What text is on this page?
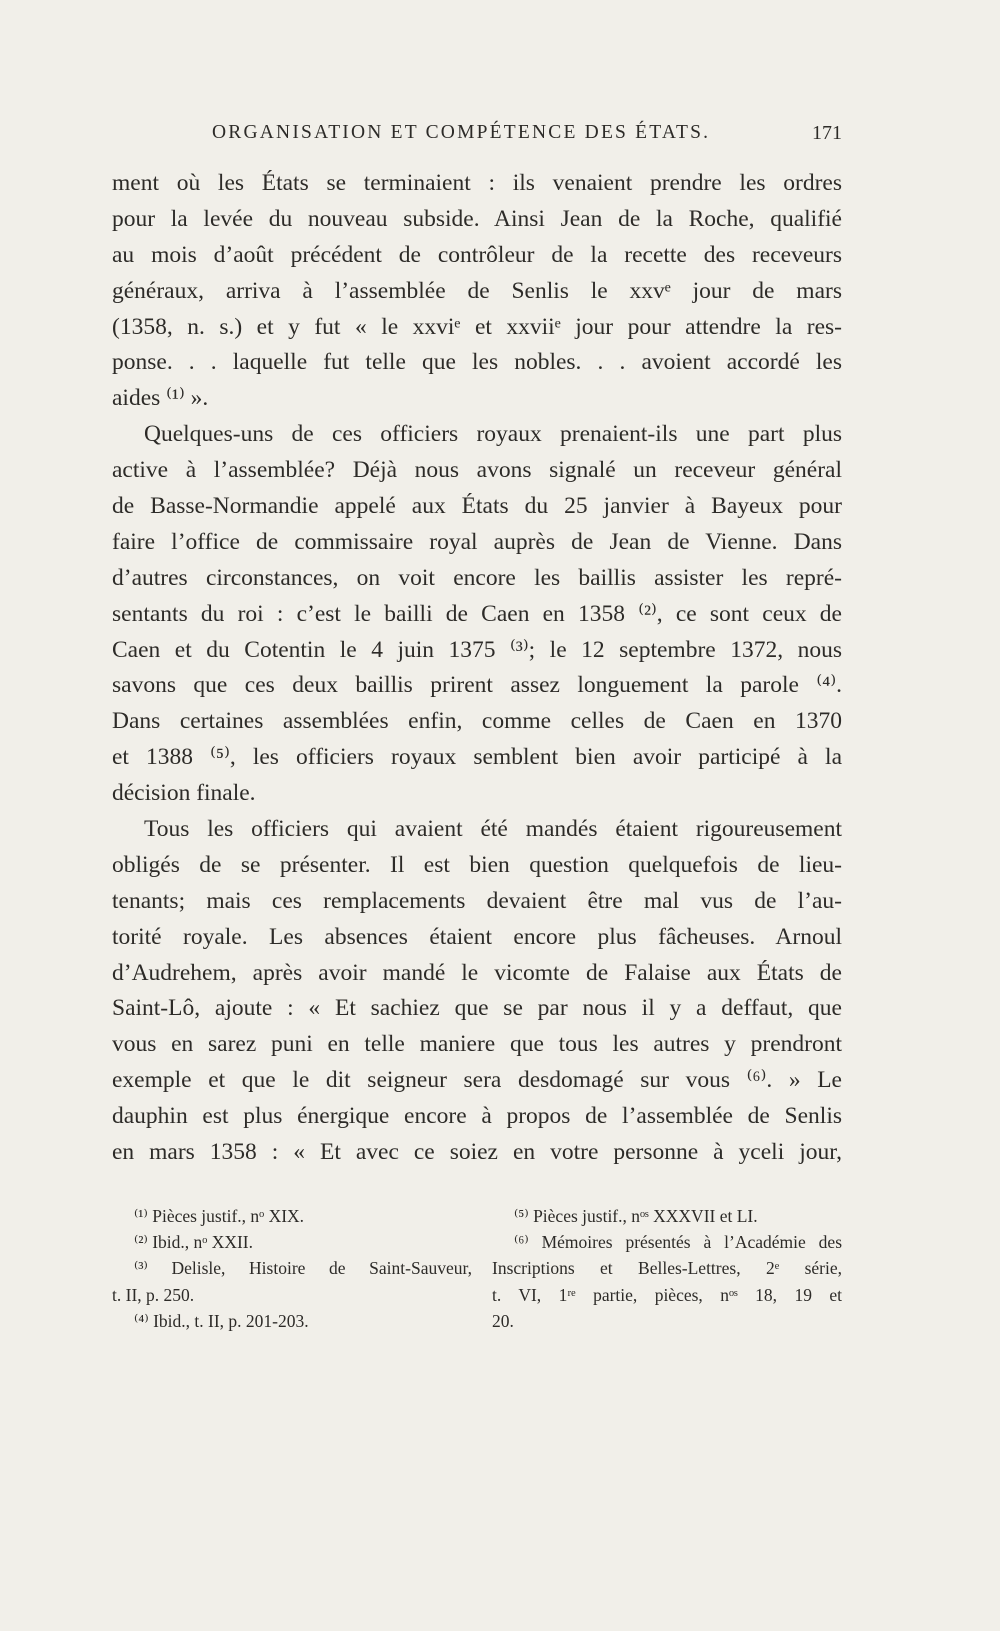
ORGANISATION ET COMPÉTENCE DES ÉTATS.	171
ment où les États se terminaient : ils venaient prendre les ordres
pour la levée du nouveau subside. Ainsi Jean de la Roche, qualifié
au mois d’août précédent de contrôleur de la recette des receveurs
généraux, arriva à l’assemblée de Senlis le xxvᵉ jour de mars
(1358, n. s.) et y fut « le xxviᵉ et xxviiᵉ jour pour attendre la res-
ponse. . . laquelle fut telle que les nobles. . . avoient accordé les
aides ⁽¹⁾ ».
Quelques-uns de ces officiers royaux prenaient-ils une part plus
active à l’assemblée? Déjà nous avons signalé un receveur général
de Basse-Normandie appelé aux États du 25 janvier à Bayeux pour
faire l’office de commissaire royal auprès de Jean de Vienne. Dans
d’autres circonstances, on voit encore les baillis assister les repré-
sentants du roi : c’est le bailli de Caen en 1358 ⁽²⁾, ce sont ceux de
Caen et du Cotentin le 4 juin 1375 ⁽³⁾; le 12 septembre 1372, nous
savons que ces deux baillis prirent assez longuement la parole ⁽⁴⁾.
Dans certaines assemblées enfin, comme celles de Caen en 1370
et 1388 ⁽⁵⁾, les officiers royaux semblent bien avoir participé à la
décision finale.
Tous les officiers qui avaient été mandés étaient rigoureusement
obligés de se présenter. Il est bien question quelquefois de lieu-
tenants; mais ces remplacements devaient être mal vus de l’au-
torité royale. Les absences étaient encore plus fâcheuses. Arnoul
d’Audrehem, après avoir mandé le vicomte de Falaise aux États de
Saint-Lô, ajoute : « Et sachiez que se par nous il y a deffaut, que
vous en sarez puni en telle maniere que tous les autres y prendront
exemple et que le dit seigneur sera desdomagé sur vous ⁽⁶⁾. » Le
dauphin est plus énergique encore à propos de l’assemblée de Senlis
en mars 1358 : « Et avec ce soiez en votre personne à yceli jour,
⁽¹⁾ Pièces justif., nᵒ XIX.
⁽²⁾ Ibid., nᵒ XXII.
⁽³⁾ Delisle, Histoire de Saint-Sauveur,
t. II, p. 250.
⁽⁴⁾ Ibid., t. II, p. 201-203.
⁽⁵⁾ Pièces justif., nᵒˢ XXXVII et LI.
⁽⁶⁾ Mémoires présentés à l’Académie des
Inscriptions et Belles-Lettres, 2ᵉ série,
t. VI, 1ʳᵉ partie, pièces, nᵒˢ 18, 19 et
20.
